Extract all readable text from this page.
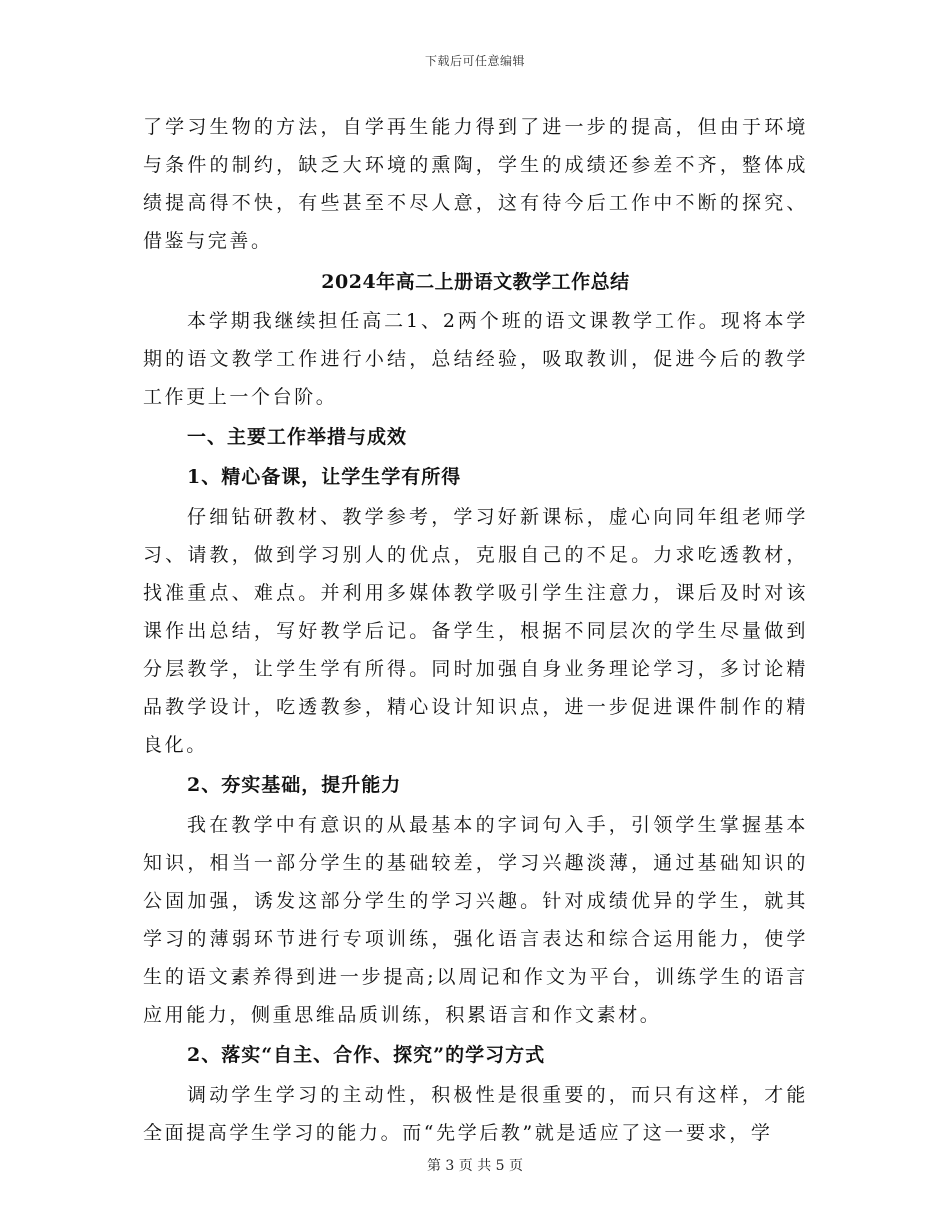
下载后可任意编辑

了学习生物的方法，自学再生能力得到了进一步的提高，但由于环境与条件的制约，缺乏大环境的熏陶，学生的成绩还参差不齐，整体成绩提高得不快，有些甚至不尽人意，这有待今后工作中不断的探究、借鉴与完善。

2024年高二上册语文教学工作总结

本学期我继续担任高二1、2两个班的语文课教学工作。现将本学期的语文教学工作进行小结，总结经验，吸取教训，促进今后的教学工作更上一个台阶。

一、主要工作举措与成效
1、精心备课，让学生学有所得

仔细钻研教材、教学参考，学习好新课标，虚心向同年组老师学习、请教，做到学习别人的优点，克服自己的不足。力求吃透教材，找准重点、难点。并利用多媒体教学吸引学生注意力，课后及时对该课作出总结，写好教学后记。备学生，根据不同层次的学生尽量做到分层教学，让学生学有所得。同时加强自身业务理论学习，多讨论精品教学设计，吃透教参，精心设计知识点，进一步促进课件制作的精良化。

2、夯实基础，提升能力

我在教学中有意识的从最基本的字词句入手，引领学生掌握基本知识，相当一部分学生的基础较差，学习兴趣淡薄，通过基础知识的公固加强，诱发这部分学生的学习兴趣。针对成绩优异的学生，就其学习的薄弱环节进行专项训练，强化语言表达和综合运用能力，使学生的语文素养得到进一步提高;以周记和作文为平台，训练学生的语言应用能力，侧重思维品质训练，积累语言和作文素材。

2、落实“自主、合作、探究”的学习方式

调动学生学习的主动性，积极性是很重要的，而只有这样，才能全面提高学生学习的能力。而“先学后教”就是适应了这一要求，学

第 3 页 共 5 页
